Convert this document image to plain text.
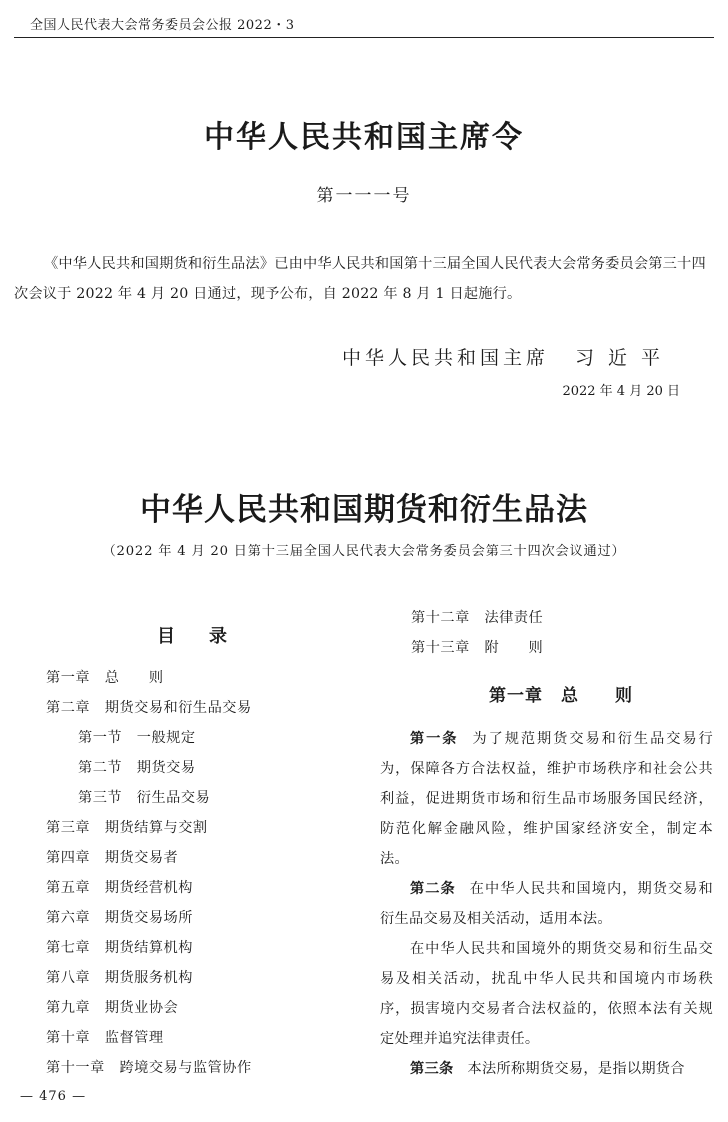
全国人民代表大会常务委员会公报 2022・3
中华人民共和国主席令
第一一一号
《中华人民共和国期货和衍生品法》已由中华人民共和国第十三届全国人民代表大会常务委员会第三十四次会议于 2022 年 4 月 20 日通过，现予公布，自 2022 年 8 月 1 日起施行。
中华人民共和国主席 习近平
2022 年 4 月 20 日
中华人民共和国期货和衍生品法
（2022 年 4 月 20 日第十三届全国人民代表大会常务委员会第三十四次会议通过）
目录
第一章　总　　则
第二章　期货交易和衍生品交易
第一节　一般规定
第二节　期货交易
第三节　衍生品交易
第三章　期货结算与交割
第四章　期货交易者
第五章　期货经营机构
第六章　期货交易场所
第七章　期货结算机构
第八章　期货服务机构
第九章　期货业协会
第十章　监督管理
第十一章　跨境交易与监管协作
第十二章　法律责任
第十三章　附　　则
第一章　总　　则

第一条 为了规范期货交易和衍生品交易行为，保障各方合法权益，维护市场秩序和社会公共利益，促进期货市场和衍生品市场服务国民经济，防范化解金融风险，维护国家经济安全，制定本法。

第二条 在中华人民共和国境内，期货交易和衍生品交易及相关活动，适用本法。

在中华人民共和国境外的期货交易和衍生品交易及相关活动，扰乱中华人民共和国境内市场秩序，损害境内交易者合法权益的，依照本法有关规定处理并追究法律责任。

第三条 本法所称期货交易，是指以期货合

— 476 —
